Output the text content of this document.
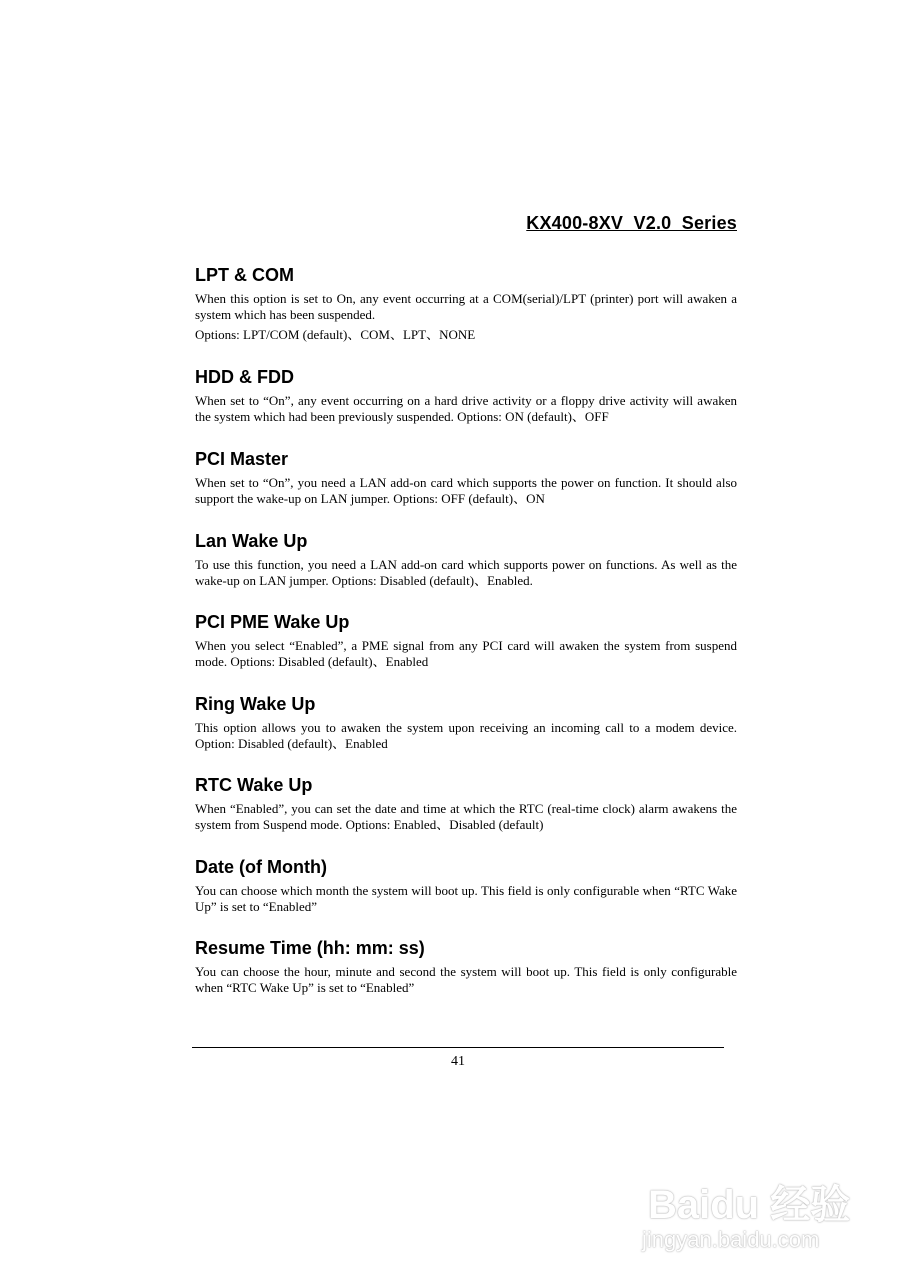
KX400-8XV  V2.0  Series
LPT & COM

When this option is set to On, any event occurring at a COM(serial)/LPT (printer) port will awaken a system which has been suspended.

Options: LPT/COM (default)、COM、LPT、NONE

HDD & FDD

When set to “On”, any event occurring on a hard drive activity or a floppy drive activity will awaken the system which had been previously suspended. Options: ON (default)、OFF

PCI Master

When set to “On”, you need a LAN add-on card which supports the power on function. It should also support the wake-up on LAN jumper. Options: OFF (default)、ON

Lan Wake Up

To use this function, you need a LAN add-on card which supports power on functions. As well as the wake-up on LAN jumper. Options: Disabled (default)、Enabled.

PCI PME Wake Up

When you select “Enabled”, a PME signal from any PCI card will awaken the system from suspend mode. Options: Disabled (default)、Enabled

Ring Wake Up

This option allows you to awaken the system upon receiving an incoming call to a modem device. Option: Disabled (default)、Enabled

RTC Wake Up

When “Enabled”, you can set the date and time at which the RTC (real-time clock) alarm awakens the system from Suspend mode. Options: Enabled、Disabled (default)

Date (of Month)

You can choose which month the system will boot up. This field is only configurable when “RTC Wake Up” is set to “Enabled”

Resume Time (hh: mm: ss)

You can choose the hour, minute and second the system will boot up. This field is only configurable when “RTC Wake Up” is set to “Enabled”

41
Baidu 经验
jingyan.baidu.com
